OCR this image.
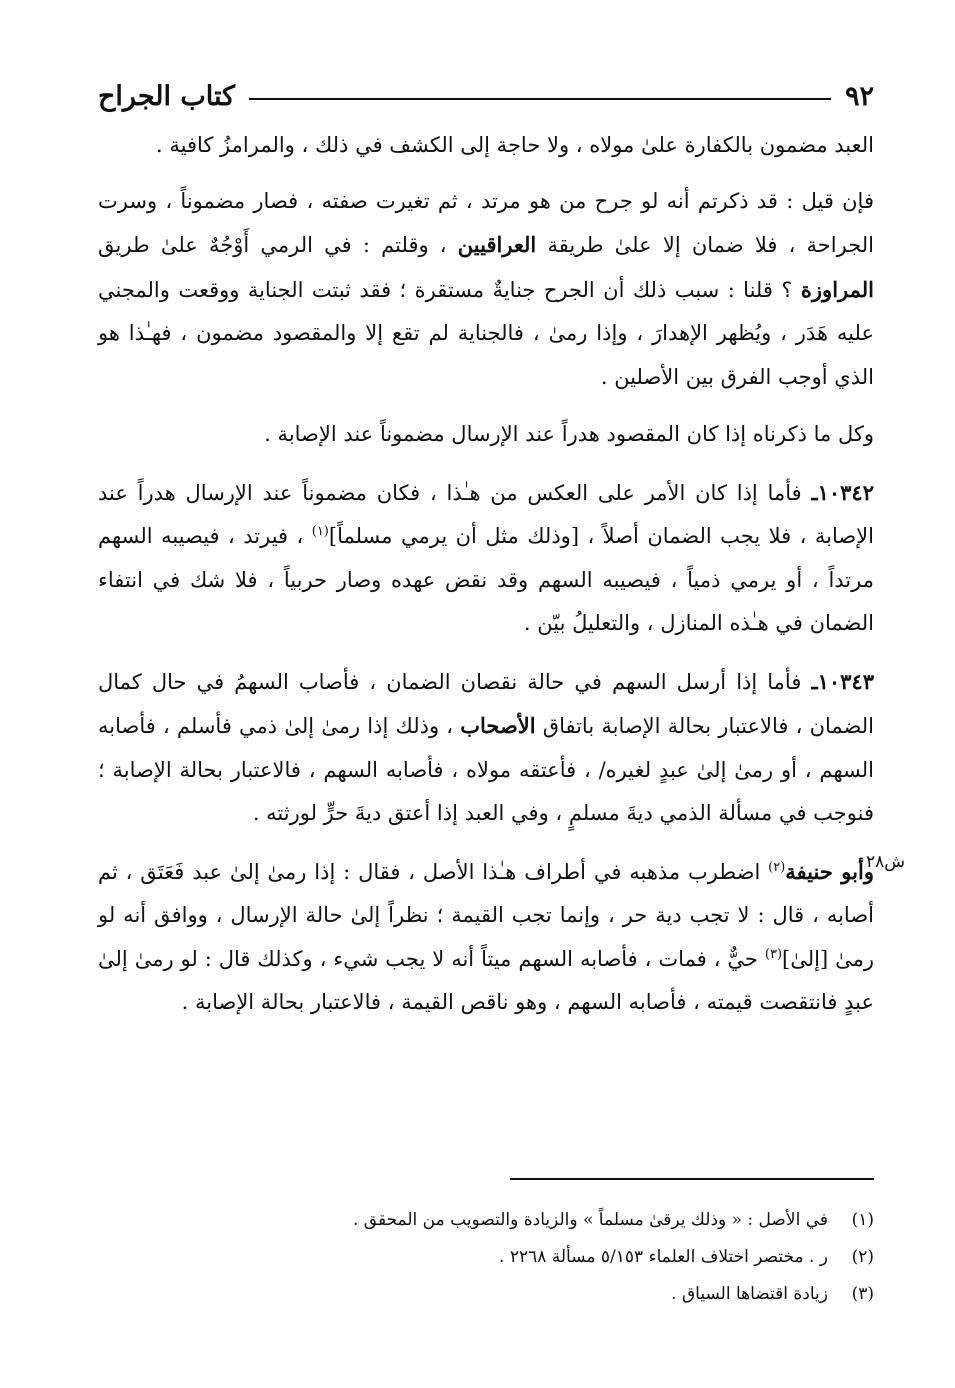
٩٢
كتاب الجراح

العبد مضمون بالكفارة علىٰ مولاه ، ولا حاجة إلى الكشف في ذلك ، والمرامزُ كافية .

فإن قيل : قد ذكرتم أنه لو جرح من هو مرتد ، ثم تغيرت صفته ، فصار مضموناً ، وسرت الجراحة ، فلا ضمان إلا علىٰ طريقة العراقيين ، وقلتم : في الرمي أَوْجُهٌ علىٰ طريق المراوزة ؟ قلنا : سبب ذلك أن الجرح جنايةٌ مستقرة ؛ فقد ثبتت الجناية ووقعت والمجني عليه هَدَر ، ويُظهر الإهدارَ ، وإذا رمىٰ ، فالجناية لم تقع إلا والمقصود مضمون ، فهـٰذا هو الذي أوجب الفرق بين الأصلين .

وكل ما ذكرناه إذا كان المقصود هدراً عند الإرسال مضموناً عند الإصابة .

١٠٣٤٢ـ فأما إذا كان الأمر على العكس من هـٰذا ، فكان مضموناً عند الإرسال هدراً عند الإصابة ، فلا يجب الضمان أصلاً ، [وذلك مثل أن يرمي مسلماً]$^{(١)}$ ، فيرتد ، فيصيبه السهم مرتداً ، أو يرمي ذمياً ، فيصيبه السهم وقد نقض عهده وصار حربياً ، فلا شك في انتفاء الضمان في هـٰذه المنازل ، والتعليلُ بيّن .

١٠٣٤٣ـ فأما إذا أرسل السهم في حالة نقصان الضمان ، فأصاب السهمُ في حال كمال الضمان ، فالاعتبار بحالة الإصابة باتفاق الأصحاب ، وذلك إذا رمىٰ إلىٰ ذمي فأسلم ، فأصابه السهم ، أو رمىٰ إلىٰ عبدٍ لغيره/ ، فأعتقه مولاه ، فأصابه السهم ، فالاعتبار بحالة الإصابة ؛ فنوجب في مسألة الذمي ديةَ مسلمٍ ، وفي العبد إذا أعتق ديةَ حرٍّ لورثته .

وأبو حنيفة$^{(٢)}$ اضطرب مذهبه في أطراف هـٰذا الأصل ، فقال : إذا رمىٰ إلىٰ عبد فَعَتَق ، ثم أصابه ، قال : لا تجب دية حر ، وإنما تجب القيمة ؛ نظراً إلىٰ حالة الإرسال ، ووافق أنه لو رمىٰ [إلىٰ]$^{(٣)}$ حيٌّ ، فمات ، فأصابه السهم ميتاً أنه لا يجب شيء ، وكذلك قال : لو رمىٰ إلىٰ عبدٍ فانتقصت قيمته ، فأصابه السهم ، وهو ناقص القيمة ، فالاعتبار بحالة الإصابة .

ش٢٨
(١)
في الأصل : « وذلك يرقىٰ مسلماً » والزيادة والتصويب من المحقق .
(٢)
ر . مختصر اختلاف العلماء ٥/١٥٣ مسألة ٢٢٦٨ .
(٣)
زيادة اقتضاها السياق .
